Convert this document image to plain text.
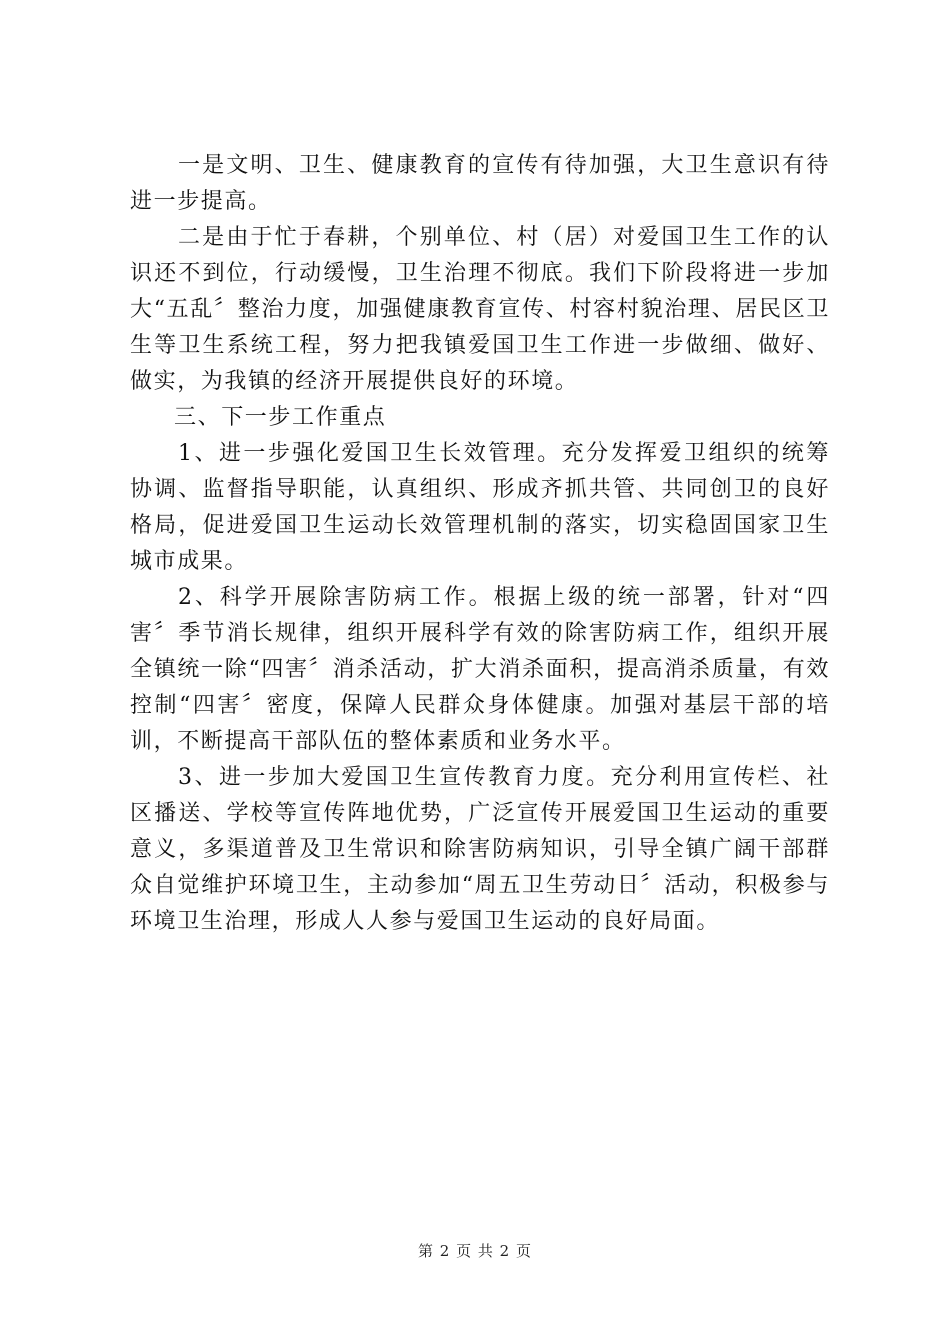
一是文明、卫生、健康教育的宣传有待加强，大卫生意识有待进一步提高。

二是由于忙于春耕，个别单位、村（居）对爱国卫生工作的认识还不到位，行动缓慢，卫生治理不彻底。我们下阶段将进一步加大“五乱〞整治力度，加强健康教育宣传、村容村貌治理、居民区卫生等卫生系统工程，努力把我镇爱国卫生工作进一步做细、做好、做实，为我镇的经济开展提供良好的环境。

三、下一步工作重点

1、进一步强化爱国卫生长效管理。充分发挥爱卫组织的统筹协调、监督指导职能，认真组织、形成齐抓共管、共同创卫的良好格局，促进爱国卫生运动长效管理机制的落实，切实稳固国家卫生城市成果。

2、科学开展除害防病工作。根据上级的统一部署，针对“四害〞季节消长规律，组织开展科学有效的除害防病工作，组织开展全镇统一除“四害〞消杀活动，扩大消杀面积，提高消杀质量，有效控制“四害〞密度，保障人民群众身体健康。加强对基层干部的培训，不断提高干部队伍的整体素质和业务水平。

3、进一步加大爱国卫生宣传教育力度。充分利用宣传栏、社区播送、学校等宣传阵地优势，广泛宣传开展爱国卫生运动的重要意义，多渠道普及卫生常识和除害防病知识，引导全镇广阔干部群众自觉维护环境卫生，主动参加“周五卫生劳动日〞活动，积极参与环境卫生治理，形成人人参与爱国卫生运动的良好局面。

第 2 页 共 2 页
